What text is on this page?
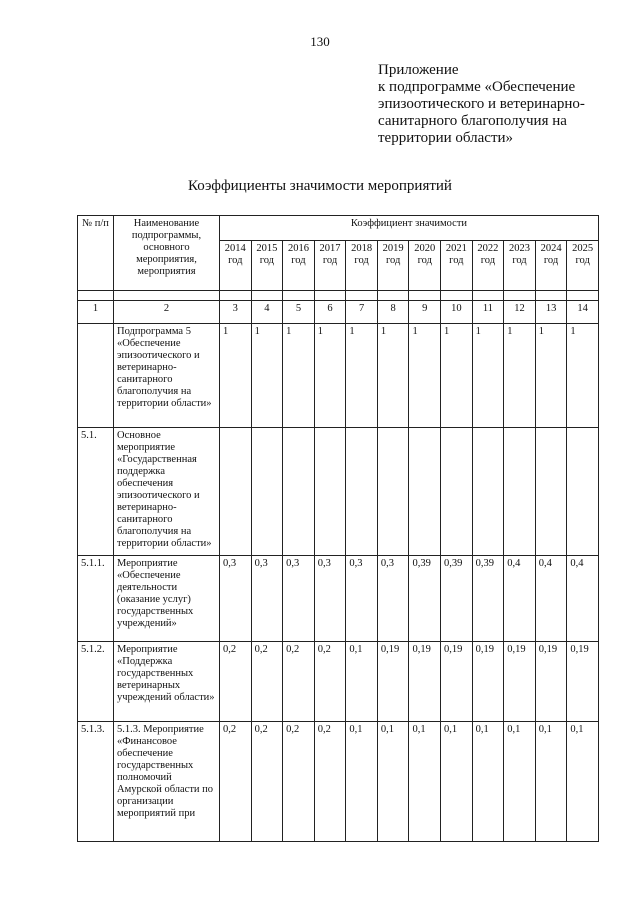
130
Приложение
к подпрограмме «Обеспечение
эпизоотического и ветеринарно-
санитарного благополучия на
территории области»
Коэффициенты значимости мероприятий
№ п/п	Наименование подпрограммы, основного мероприятия, мероприятия	Коэффициент значимости											
		2014 год	2015 год	2016 год	2017 год	2018 год	2019 год	2020 год	2021 год	2022 год	2023 год	2024 год	2025 год

1	2	3	4	5	6	7	8	9	10	11	12	13	14
	Подпрограмма 5 «Обеспечение эпизоотического и ветеринарно-санитарного благополучия на территории области»	1	1	1	1	1	1	1	1	1	1	1	1
5.1.	Основное мероприятие «Государственная поддержка обеспечения эпизоотического и ветеринарно-санитарного благополучия на территории области»												
5.1.1.	Мероприятие «Обеспечение деятельности (оказание услуг) государственных учреждений»	0,3	0,3	0,3	0,3	0,3	0,3	0,39	0,39	0,39	0,4	0,4	0,4
5.1.2.	Мероприятие «Поддержка государственных ветеринарных учреждений области»	0,2	0,2	0,2	0,2	0,1	0,19	0,19	0,19	0,19	0,19	0,19	0,19
5.1.3.	5.1.3. Мероприятие «Финансовое обеспечение государственных полномочий Амурской области по организации мероприятий при	0,2	0,2	0,2	0,2	0,1	0,1	0,1	0,1	0,1	0,1	0,1	0,1
